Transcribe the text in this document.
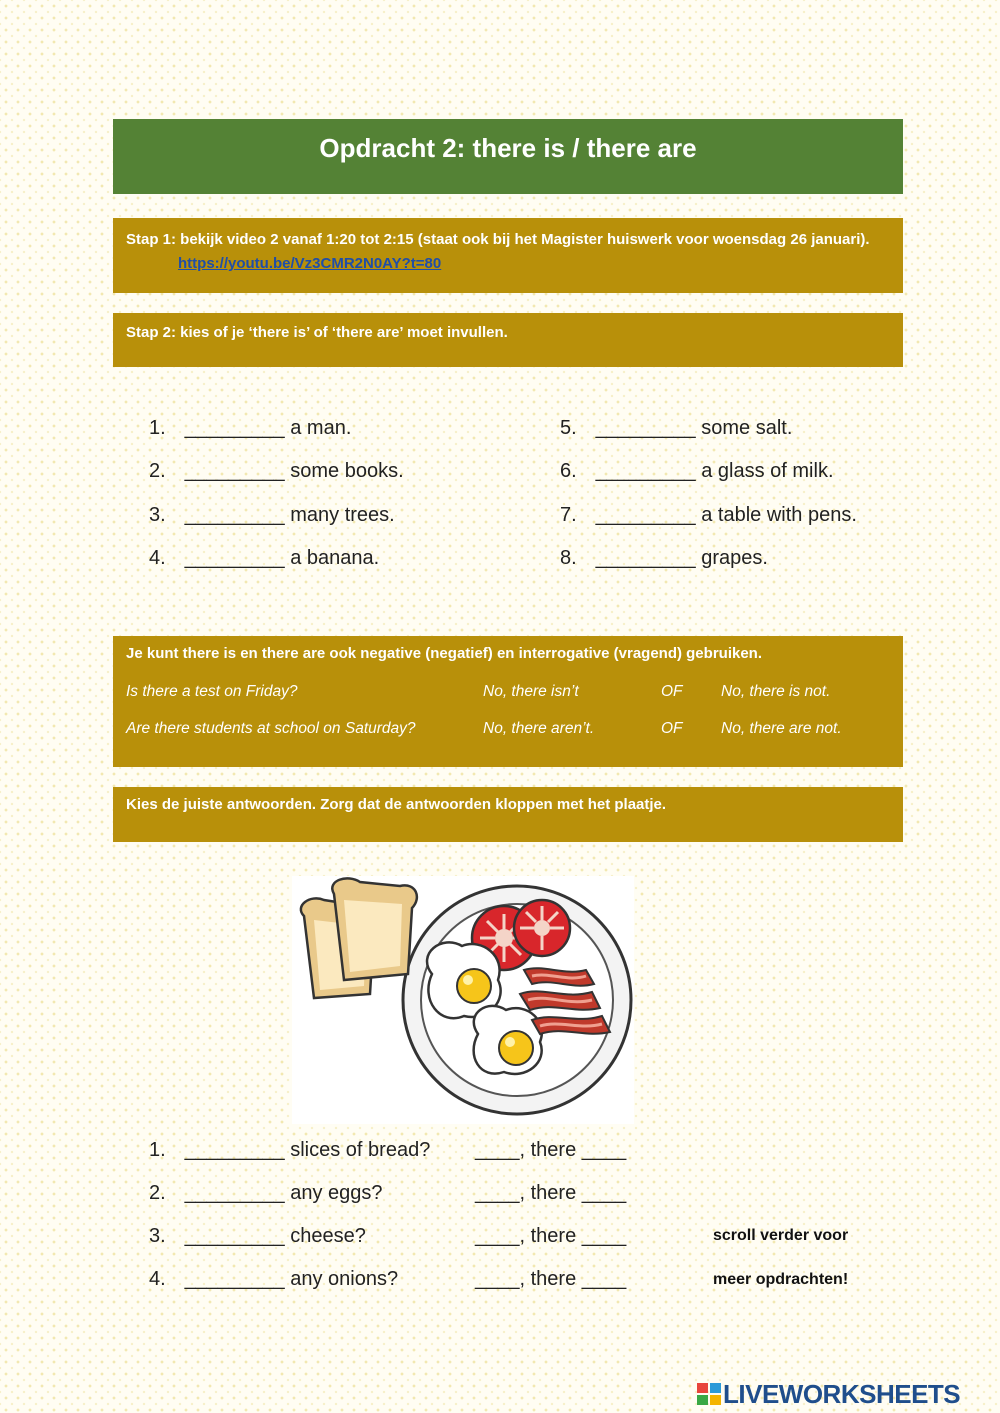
Opdracht 2: there is / there are
Stap 1: bekijk video 2 vanaf 1:20 tot 2:15 (staat ook bij het Magister huiswerk voor woensdag 26 januari). https://youtu.be/Vz3CMR2N0AY?t=80
Stap 2: kies of je ‘there is’ of ‘there are’ moet invullen.
1. _________ a man.
2. _________ some books.
3. _________ many trees.
4. _________ a banana.
5. _________ some salt.
6. _________ a glass of milk.
7. _________ a table with pens.
8. _________ grapes.
Je kunt there is en there are ook negative (negatief) en interrogative (vragend) gebruiken.
Is there a test on Friday?	No, there isn’t	OF No, there is not.
Are there students at school on Saturday?	No, there aren’t.	OF No, there are not.
Kies de juiste antwoorden. Zorg dat de antwoorden kloppen met het plaatje.
1. _________ slices of bread? ____, there ____
2. _________ any eggs?	____, there ____
3. _________ cheese?	____, there ____
4. _________ any onions?	____, there ____
scroll verder voor
meer opdrachten!
LIVEWORKSHEETS
